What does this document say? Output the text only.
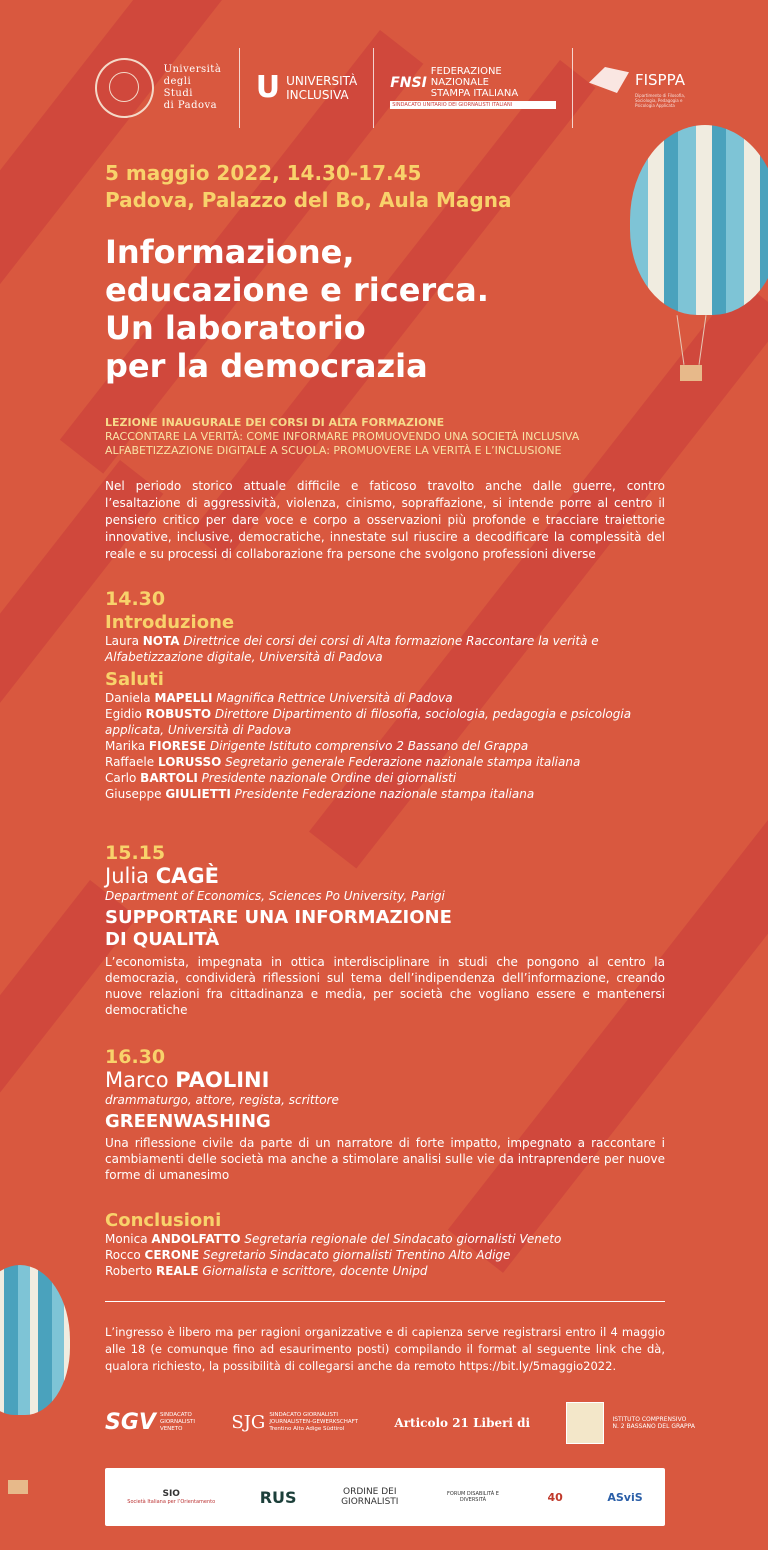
Università
degli Studi
di Padova
U UNIVERSITÀ
INCLUSIVA
FNSI
FEDERAZIONE NAZIONALE
STAMPA ITALIANA
SINDACATO UNITARIO DEI GIORNALISTI ITALIANI
FISPPA
Dipartimento di Filosofia, Sociologia, Pedagogia e Psicologia Applicata
5 maggio 2022, 14.30-17.45
Padova, Palazzo del Bo, Aula Magna
Informazione,
educazione e ricerca.
Un laboratorio
per la democrazia
LEZIONE INAUGURALE DEI CORSI DI ALTA FORMAZIONE
RACCONTARE LA VERITÀ: COME INFORMARE PROMUOVENDO UNA SOCIETÀ INCLUSIVA
ALFABETIZZAZIONE DIGITALE A SCUOLA: PROMUOVERE LA VERITÀ E L’INCLUSIONE
Nel periodo storico attuale difficile e faticoso travolto anche dalle guerre, contro l’esaltazione di aggressività, violenza, cinismo, sopraffazione, si intende porre al centro il pensiero critico per dare voce e corpo a osservazioni più profonde e tracciare traiettorie innovative, inclusive, democratiche, innestate sul riuscire a decodificare la complessità del reale e su processi di collaborazione fra persone che svolgono professioni diverse
14.30
Introduzione
Laura NOTA Direttrice dei corsi dei corsi di Alta formazione Raccontare la verità e Alfabetizzazione digitale, Università di Padova
Saluti
Daniela MAPELLI Magnifica Rettrice Università di Padova
Egidio ROBUSTO Direttore Dipartimento di filosofia, sociologia, pedagogia e psicologia applicata, Università di Padova
Marika FIORESE Dirigente Istituto comprensivo 2 Bassano del Grappa
Raffaele LORUSSO Segretario generale Federazione nazionale stampa italiana
Carlo BARTOLI Presidente nazionale Ordine dei giornalisti
Giuseppe GIULIETTI Presidente Federazione nazionale stampa italiana
15.15
Julia CAGÈ
Department of Economics, Sciences Po University, Parigi
SUPPORTARE UNA INFORMAZIONE
DI QUALITÀ
L’economista, impegnata in ottica interdisciplinare in studi che pongono al centro la democrazia, condividerà riflessioni sul tema dell’indipendenza dell’informazione, creando nuove relazioni fra cittadinanza e media, per società che vogliano essere e mantenersi democratiche
16.30
Marco PAOLINI
drammaturgo, attore, regista, scrittore
GREENWASHING
Una riflessione civile da parte di un narratore di forte impatto, impegnato a raccontare i cambiamenti delle società ma anche a stimolare analisi sulle vie da intraprendere per nuove forme di umanesimo
Conclusioni
Monica ANDOLFATTO Segretaria regionale del Sindacato giornalisti Veneto
Rocco CERONE Segretario Sindacato giornalisti Trentino Alto Adige
Roberto REALE Giornalista e scrittore, docente Unipd
L’ingresso è libero ma per ragioni organizzative e di capienza serve registrarsi entro il 4 maggio alle 18 (e comunque fino ad esaurimento posti) compilando il format al seguente link che dà, qualora richiesto, la possibilità di collegarsi anche da remoto https://bit.ly/5maggio2022.
SGV SINDACATO
GIORNALISTI
VENETO	SJG SINDACATO GIORNALISTI
JOURNALISTEN-GEWERKSCHAFT
Trentino Alto Adige Südtirol	Articolo 21 Liberi di	ISTITUTO COMPRENSIVO
N. 2 BASSANO DEL GRAPPA
SIO
Società Italiana per l’Orientamento	RUS	ORDINE DEI
GIORNALISTI
FORUM DISABILITÀ E DIVERSITÀ	40	ASviS
